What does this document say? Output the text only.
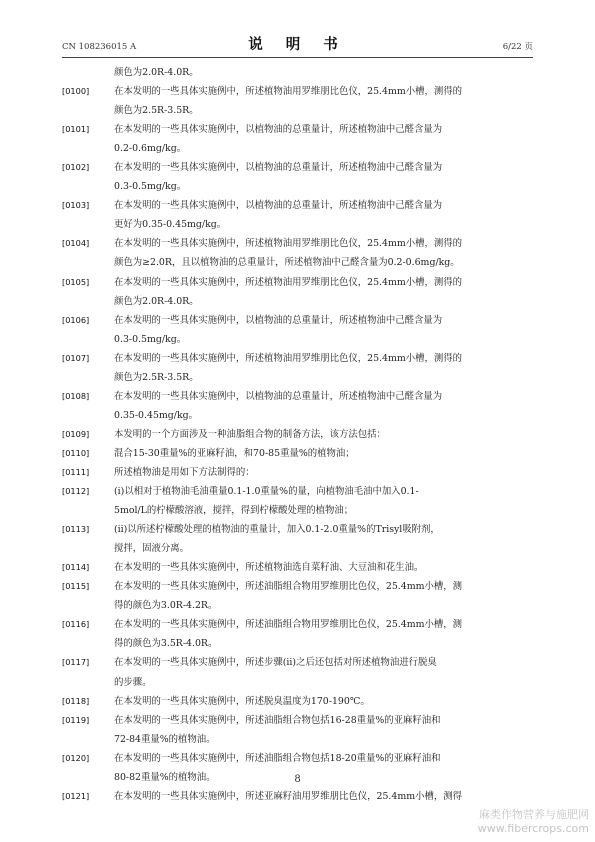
CN 108236015 A	说 明 书	6/22 页
颜色为2.0R-4.0R。
[0100]	在本发明的一些具体实施例中，所述植物油用罗维朋比色仪，25.4mm小槽，测得的
颜色为2.5R-3.5R。
[0101]	在本发明的一些具体实施例中，以植物油的总重量计，所述植物油中己醛含量为
0.2-0.6mg/kg。
[0102]	在本发明的一些具体实施例中，以植物油的总重量计，所述植物油中己醛含量为
0.3-0.5mg/kg。
[0103]	在本发明的一些具体实施例中，以植物油的总重量计，所述植物油中己醛含量为
更好为0.35-0.45mg/kg。
[0104]	在本发明的一些具体实施例中，所述植物油用罗维朋比色仪，25.4mm小槽，测得的
颜色为≥2.0R，且以植物油的总重量计，所述植物油中己醛含量为0.2-0.6mg/kg。
[0105]	在本发明的一些具体实施例中，所述植物油用罗维朋比色仪，25.4mm小槽，测得的
颜色为2.0R-4.0R。
[0106]	在本发明的一些具体实施例中，以植物油的总重量计，所述植物油中己醛含量为
0.3-0.5mg/kg。
[0107]	在本发明的一些具体实施例中，所述植物油用罗维朋比色仪，25.4mm小槽，测得的
颜色为2.5R-3.5R。
[0108]	在本发明的一些具体实施例中，以植物油的总重量计，所述植物油中己醛含量为
0.35-0.45mg/kg。
[0109]	本发明的一个方面涉及一种油脂组合物的制备方法，该方法包括：
[0110]	混合15-30重量%的亚麻籽油，和70-85重量%的植物油；
[0111]	所述植物油是用如下方法制得的：
[0112]	(i)以相对于植物油毛油重量0.1-1.0重量%的量，向植物油毛油中加入0.1-
5mol/L的柠檬酸溶液，搅拌，得到柠檬酸处理的植物油；
[0113]	(ii)以所述柠檬酸处理的植物油的重量计，加入0.1-2.0重量%的Trisyl吸附剂，
搅拌，固液分离。
[0114]	在本发明的一些具体实施例中，所述植物油选自菜籽油、大豆油和花生油。
[0115]	在本发明的一些具体实施例中，所述油脂组合物用罗维朋比色仪，25.4mm小槽，测
得的颜色为3.0R-4.2R。
[0116]	在本发明的一些具体实施例中，所述油脂组合物用罗维朋比色仪，25.4mm小槽，测
得的颜色为3.5R-4.0R。
[0117]	在本发明的一些具体实施例中，所述步骤(ii)之后还包括对所述植物油进行脱臭
的步骤。
[0118]	在本发明的一些具体实施例中，所述脱臭温度为170-190℃。
[0119]	在本发明的一些具体实施例中，所述油脂组合物包括16-28重量%的亚麻籽油和
72-84重量%的植物油。
[0120]	在本发明的一些具体实施例中，所述油脂组合物包括18-20重量%的亚麻籽油和
80-82重量%的植物油。
[0121]	在本发明的一些具体实施例中，所述亚麻籽油用罗维朋比色仪，25.4mm小槽，测得
8
麻类作物营养与施肥网
www.fibercrops.com
